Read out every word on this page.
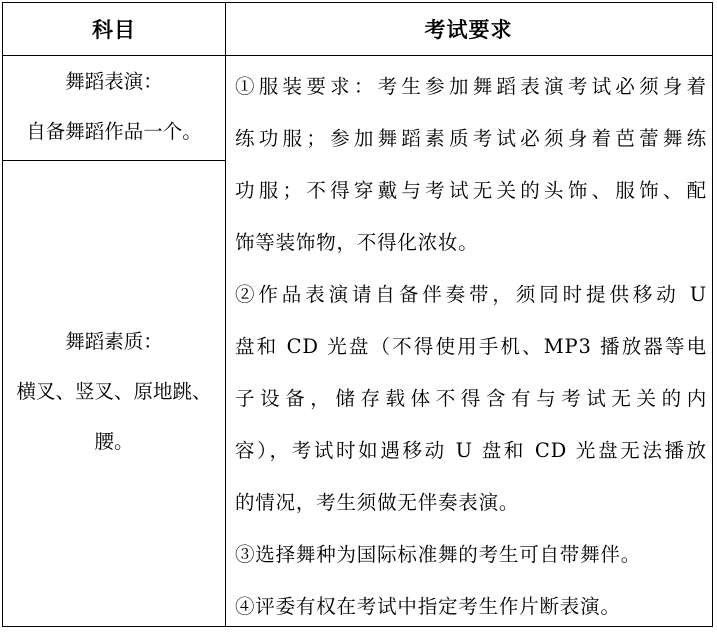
科目	考试要求
舞蹈表演：
自备舞蹈作品一个。
舞蹈素质：
横叉、竖叉、原地跳、
腰。

①服装要求：考生参加舞蹈表演考试必须身着

练功服；参加舞蹈素质考试必须身着芭蕾舞练

功服；不得穿戴与考试无关的头饰、服饰、配

饰等装饰物，不得化浓妆。

②作品表演请自备伴奏带，须同时提供移动 U

盘和 CD 光盘（不得使用手机、MP3 播放器等电

子设备，储存载体不得含有与考试无关的内

容），考试时如遇移动 U 盘和 CD 光盘无法播放

的情况，考生须做无伴奏表演。

③选择舞种为国际标准舞的考生可自带舞伴。

④评委有权在考试中指定考生作片断表演。
